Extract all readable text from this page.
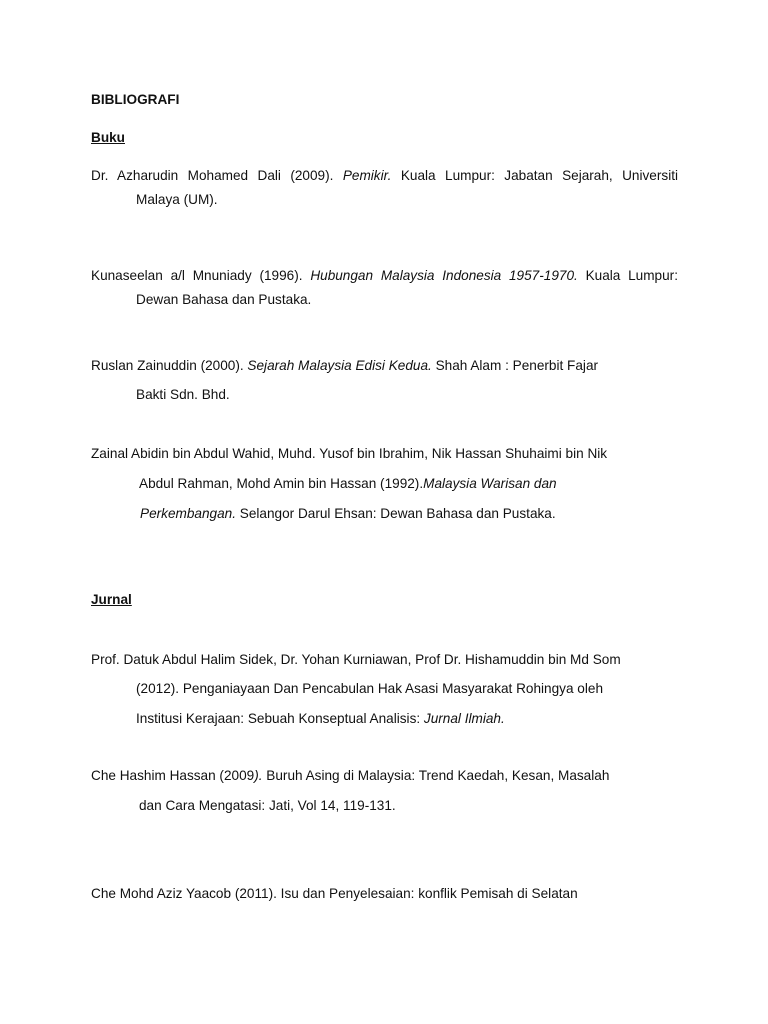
BIBLIOGRAFI
Buku
Dr. Azharudin Mohamed Dali (2009). Pemikir. Kuala Lumpur: Jabatan Sejarah, Universiti
Malaya (UM).
Kunaseelan a/l Mnuniady (1996). Hubungan Malaysia Indonesia 1957-1970. Kuala Lumpur:
Dewan Bahasa dan Pustaka.
Ruslan Zainuddin (2000). Sejarah Malaysia Edisi Kedua. Shah Alam : Penerbit Fajar
Bakti Sdn. Bhd.
Zainal Abidin bin Abdul Wahid, Muhd. Yusof bin Ibrahim, Nik Hassan Shuhaimi bin Nik
Abdul Rahman, Mohd Amin bin Hassan (1992).Malaysia Warisan dan
Perkembangan. Selangor Darul Ehsan: Dewan Bahasa dan Pustaka.
Jurnal
Prof. Datuk Abdul Halim Sidek, Dr. Yohan Kurniawan, Prof Dr. Hishamuddin bin Md Som
(2012). Penganiayaan Dan Pencabulan Hak Asasi Masyarakat Rohingya oleh
Institusi Kerajaan: Sebuah Konseptual Analisis: Jurnal Ilmiah.
Che Hashim Hassan (2009). Buruh Asing di Malaysia: Trend Kaedah, Kesan, Masalah
dan Cara Mengatasi: Jati, Vol 14, 119-131.
Che Mohd Aziz Yaacob (2011). Isu dan Penyelesaian: konflik Pemisah di Selatan
